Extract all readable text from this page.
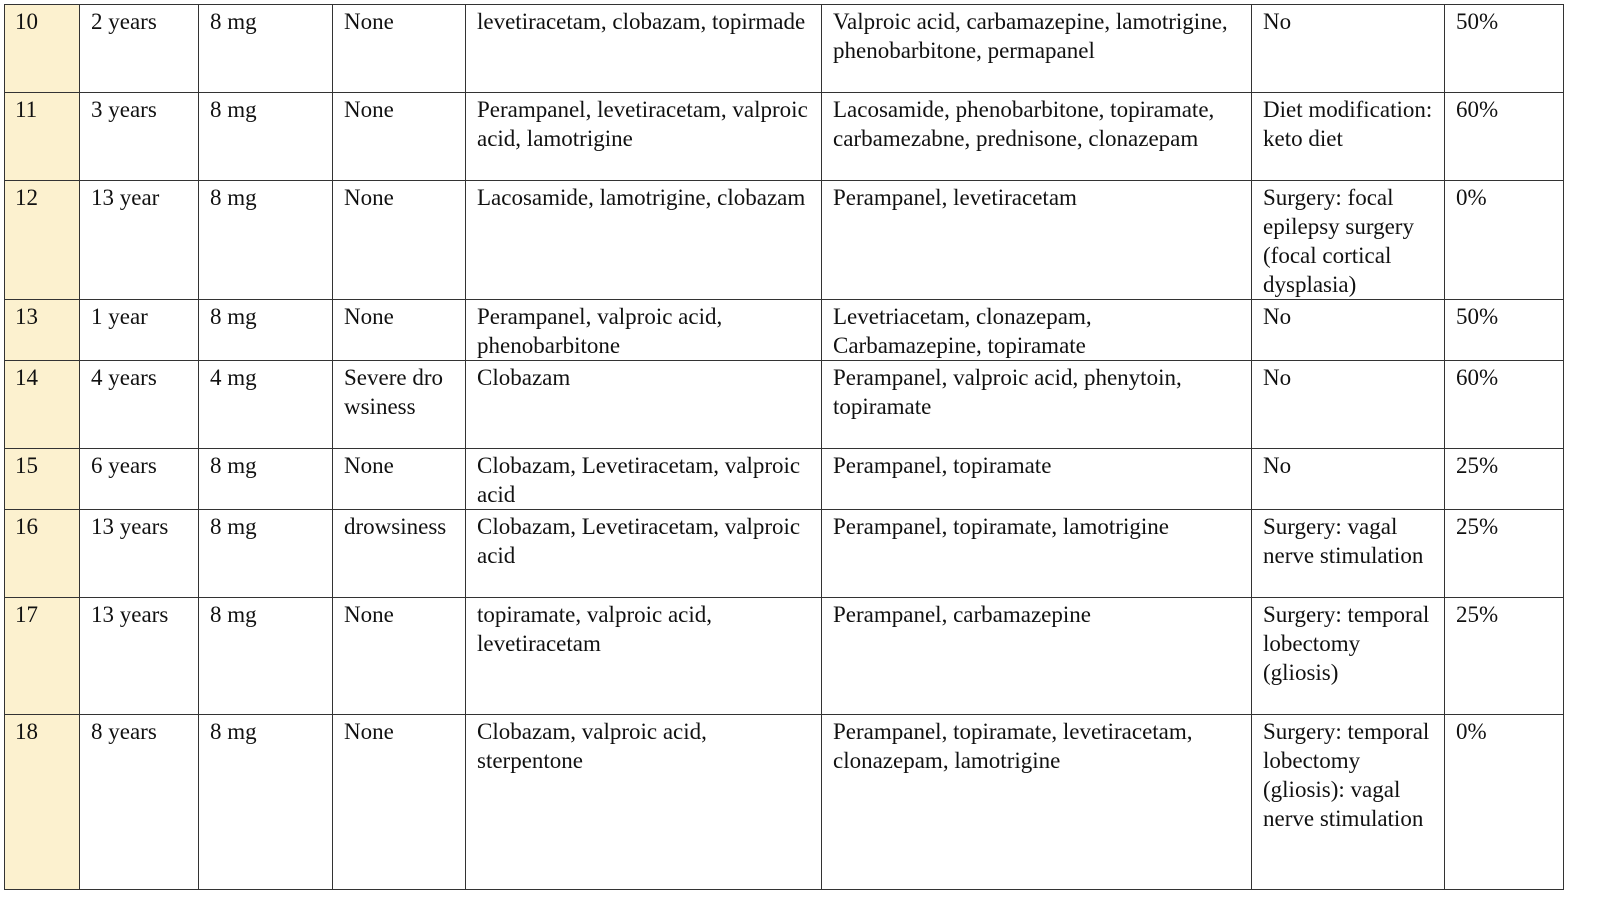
10	2 years	8 mg	None	levetiracetam, clobazam, topirmade	Valproic acid, carbamazepine, lamotrigine, phenobarbitone, permapanel	No	50%
11	3 years	8 mg	None	Perampanel, levetiracetam, valproic acid, lamotrigine	Lacosamide, phenobarbitone, topiramate, carbamezabne, prednisone, clonazepam	Diet modification: keto diet	60%
12	13 year	8 mg	None	Lacosamide, lamotrigine, clobazam	Perampanel, levetiracetam	Surgery: focal epilepsy surgery (focal cortical dysplasia)	0%
13	1 year	8 mg	None	Perampanel, valproic acid, phenobarbitone	Levetriacetam, clonazepam, Carbamazepine, topiramate	No	50%
14	4 years	4 mg	Severe drowsiness	Clobazam	Perampanel, valproic acid, phenytoin, topiramate	No	60%
15	6 years	8 mg	None	Clobazam, Levetiracetam, valproic acid	Perampanel, topiramate	No	25%
16	13 years	8 mg	drowsiness	Clobazam, Levetiracetam, valproic acid	Perampanel, topiramate, lamotrigine	Surgery: vagal nerve stimulation	25%
17	13 years	8 mg	None	topiramate, valproic acid, levetiracetam	Perampanel, carbamazepine	Surgery: temporal lobectomy (gliosis)	25%
18	8 years	8 mg	None	Clobazam, valproic acid, sterpentone	Perampanel, topiramate, levetiracetam, clonazepam, lamotrigine	Surgery: temporal lobectomy (gliosis): vagal nerve stimulation	0%
